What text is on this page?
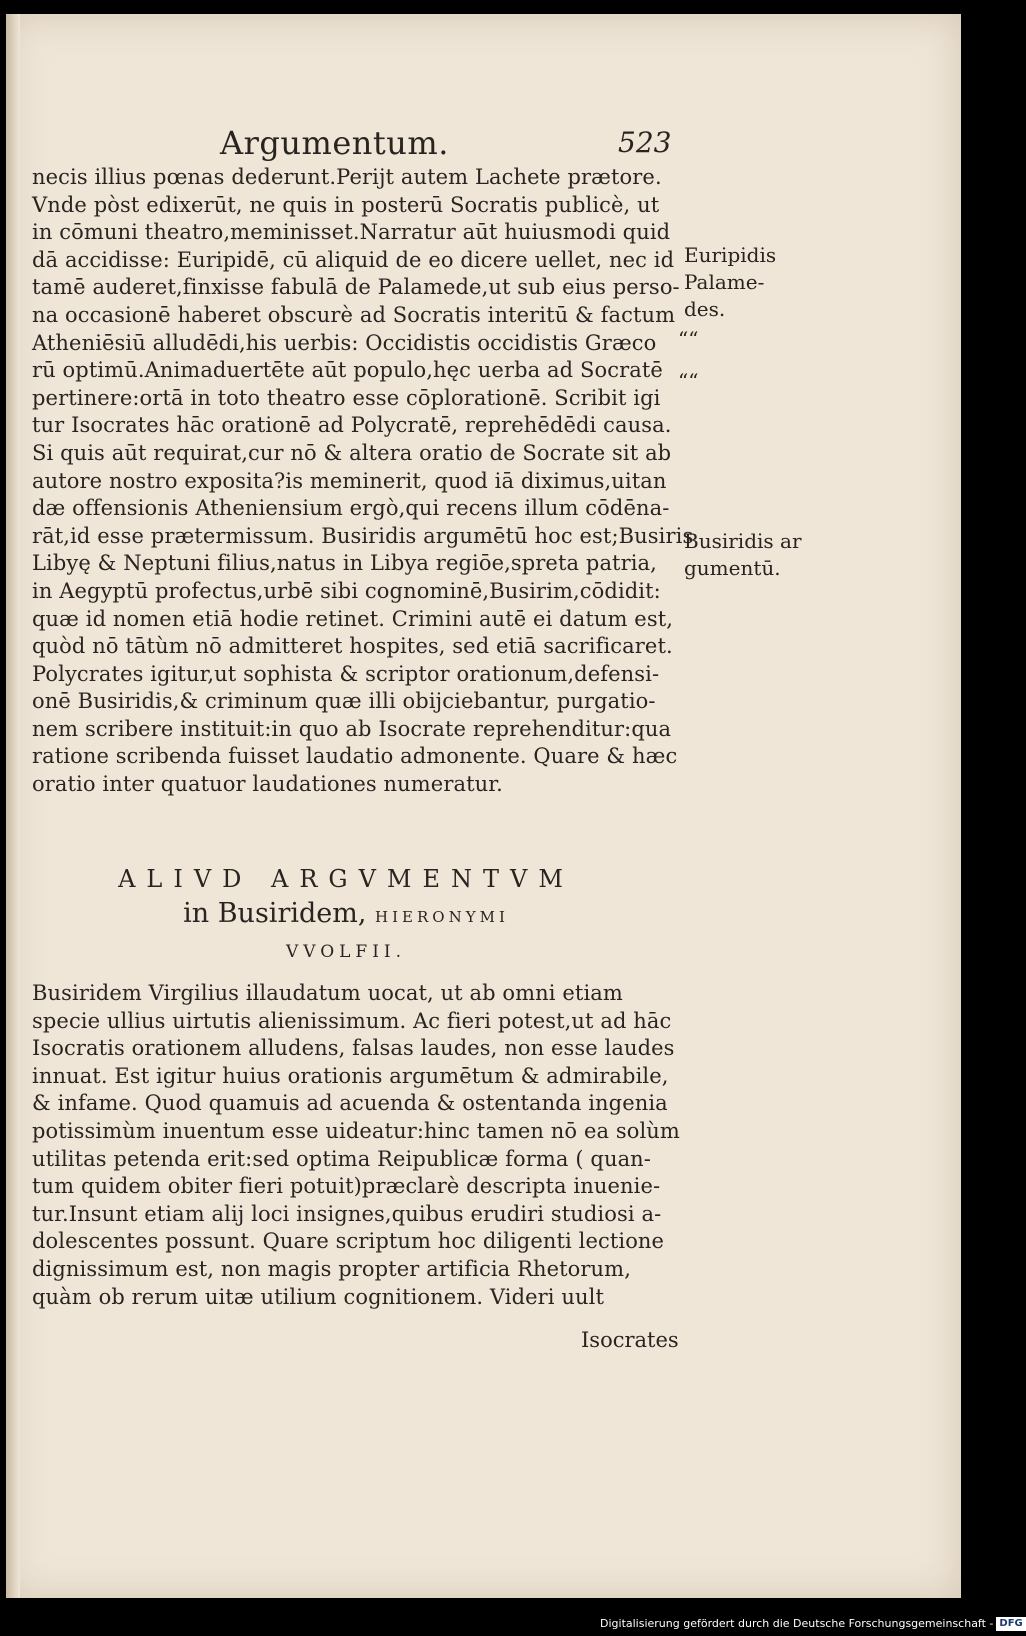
Argumentum.	523
necis illius pœnas dederunt.Perijt autem Lachete prætore.
Vnde pòst edixerūt, ne quis in posterū Socratis publicè, ut
in cōmuni theatro,meminisset.Narratur aūt huiusmodi quid
dā accidisse: Euripidē, cū aliquid de eo dicere uellet, nec id
tamē auderet,finxisse fabulā de Palamede,ut sub eius perso-
na occasionē haberet obscurè ad Socratis interitū & factum
Atheniēsiū alludēdi,his uerbis: Occidistis occidistis Græco
rū optimū.Animaduertēte aūt populo,hęc uerba ad Socratē
pertinere:ortā in toto theatro esse cōplorationē. Scribit igi
tur Isocrates hāc orationē ad Polycratē, reprehēdēdi causa.
Si quis aūt requirat,cur nō & altera oratio de Socrate sit ab
autore nostro exposita?is meminerit, quod iā diximus,uitan
dæ offensionis Atheniensium ergò,qui recens illum cōdēna-
rāt,id esse prætermissum. Busiridis argumētū hoc est;Busiris
Libyę & Neptuni filius,natus in Libya regiōe,spreta patria,
in Aegyptū profectus,urbē sibi cognominē,Busirim,cōdidit:
quæ id nomen etiā hodie retinet. Crimini autē ei datum est,
quòd nō tātùm nō admitteret hospites, sed etiā sacrificaret.
Polycrates igitur,ut sophista & scriptor orationum,defensi-
onē Busiridis,& criminum quæ illi obijciebantur, purgatio-
nem scribere instituit:in quo ab Isocrate reprehenditur:qua
ratione scribenda fuisset laudatio admonente. Quare & hæc
oratio inter quatuor laudationes numeratur.
Euripidis
Palame-
des.
““
““
Busiridis ar
gumentū.
ALIVD ARGVMENTVM
in Busiridem, HIERONYMI
VVOLFII.
Busiridem Virgilius illaudatum uocat, ut ab omni etiam
specie ullius uirtutis alienissimum. Ac fieri potest,ut ad hāc
Isocratis orationem alludens, falsas laudes, non esse laudes
innuat. Est igitur huius orationis argumētum & admirabile,
& infame. Quod quamuis ad acuenda & ostentanda ingenia
potissimùm inuentum esse uideatur:hinc tamen nō ea solùm
utilitas petenda erit:sed optima Reipublicæ forma ( quan-
tum quidem obiter fieri potuit)præclarè descripta inuenie-
tur.Insunt etiam alij loci insignes,quibus erudiri studiosi a-
dolescentes possunt. Quare scriptum hoc diligenti lectione
dignissimum est, non magis propter artificia Rhetorum,
quàm ob rerum uitæ utilium cognitionem. Videri uult
Isocrates
Digitalisierung gefördert durch die Deutsche Forschungsgemeinschaft - DFG
